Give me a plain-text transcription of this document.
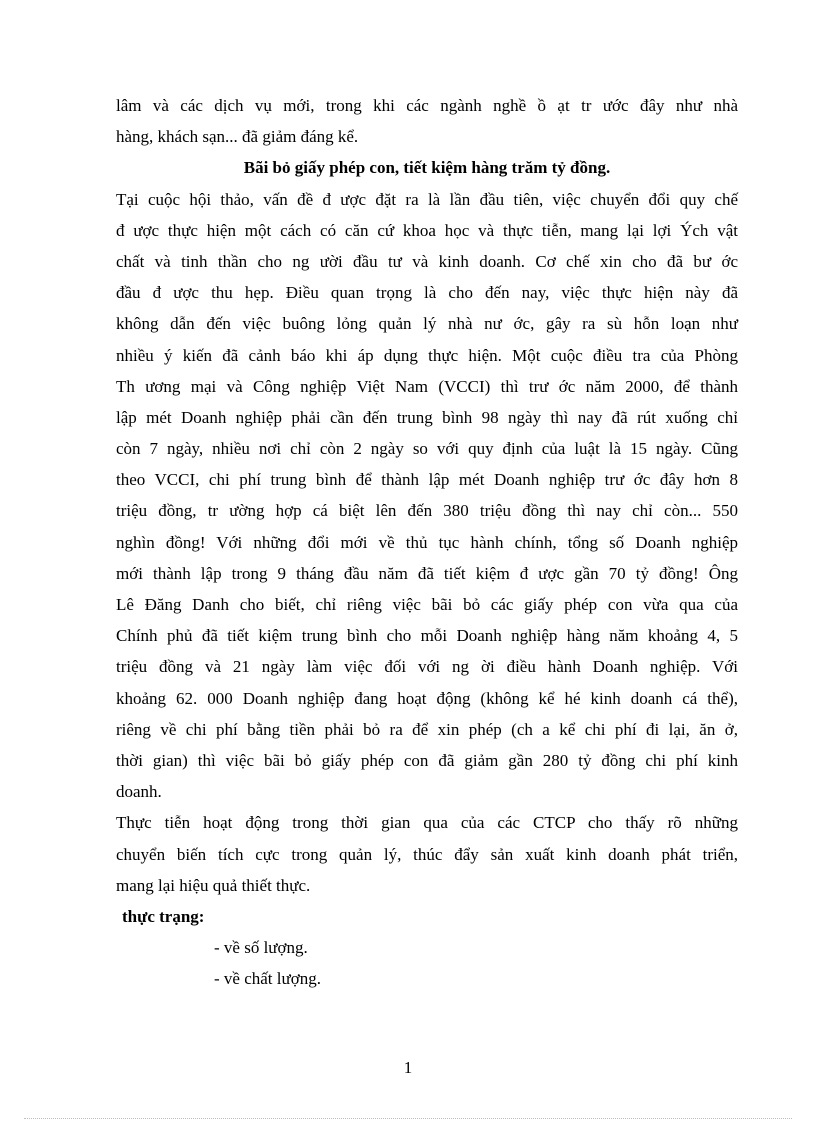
lâm và các dịch vụ mới, trong khi các ngành nghề ồ ạt tr ước đây như nhà
hàng, khách sạn... đã giảm đáng kể.
Bãi bỏ giấy phép con, tiết kiệm hàng trăm tỷ đồng.
Tại cuộc hội thảo, vấn đề đ ược đặt ra là lần đầu tiên, việc chuyển đổi quy chế
đ ược thực hiện một cách có căn cứ khoa học và thực tiễn, mang lại lợi Ých vật
chất và tinh thần cho ng ười đầu tư và kinh doanh. Cơ chế xin cho đã bư ớc
đầu đ ược thu hẹp. Điều quan trọng là cho đến nay, việc thực hiện này đã
không dẫn đến việc buông lỏng quản lý nhà nư ớc, gây ra sù hỗn loạn như
nhiều ý kiến đã cảnh báo khi áp dụng thực hiện. Một cuộc điều tra của Phòng
Th ương mại và Công nghiệp Việt Nam (VCCI) thì trư ớc năm 2000, để thành
lập mét Doanh nghiệp phải cần đến trung bình 98 ngày thì nay đã rút xuống chỉ
còn 7 ngày, nhiều nơi chỉ còn 2 ngày so với quy định của luật là 15 ngày. Cũng
theo VCCI, chi phí trung bình để thành lập mét Doanh nghiệp trư ớc đây hơn 8
triệu đồng, tr ường hợp cá biệt lên đến 380 triệu đồng thì nay chỉ còn... 550
nghìn đồng! Với những đổi mới về thủ tục hành chính, tổng số Doanh nghiệp
mới thành lập trong 9 tháng đầu năm đã tiết kiệm đ ược gần 70 tỷ đồng! Ông
Lê Đăng Danh cho biết, chỉ riêng việc bãi bỏ các giấy phép con vừa qua của
Chính phủ đã tiết kiệm trung bình cho mỗi Doanh nghiệp hàng năm khoảng 4, 5
triệu đồng và 21 ngày làm việc đối với ng ời điều hành Doanh nghiệp. Với
khoảng 62. 000 Doanh nghiệp đang hoạt động (không kể hé kinh doanh cá thể),
riêng về chi phí bằng tiền phải bỏ ra để xin phép (ch a kể chi phí đi lại, ăn ở,
thời gian) thì việc bãi bỏ giấy phép con đã giảm gần 280 tỷ đồng chi phí kinh
doanh.
Thực tiễn hoạt động trong thời gian qua của các CTCP cho thấy rõ những
chuyển biến tích cực trong quản lý, thúc đẩy sản xuất kinh doanh phát triển,
mang lại hiệu quả thiết thực.
thực trạng:
- về số lượng.
- về chất lượng.
1
